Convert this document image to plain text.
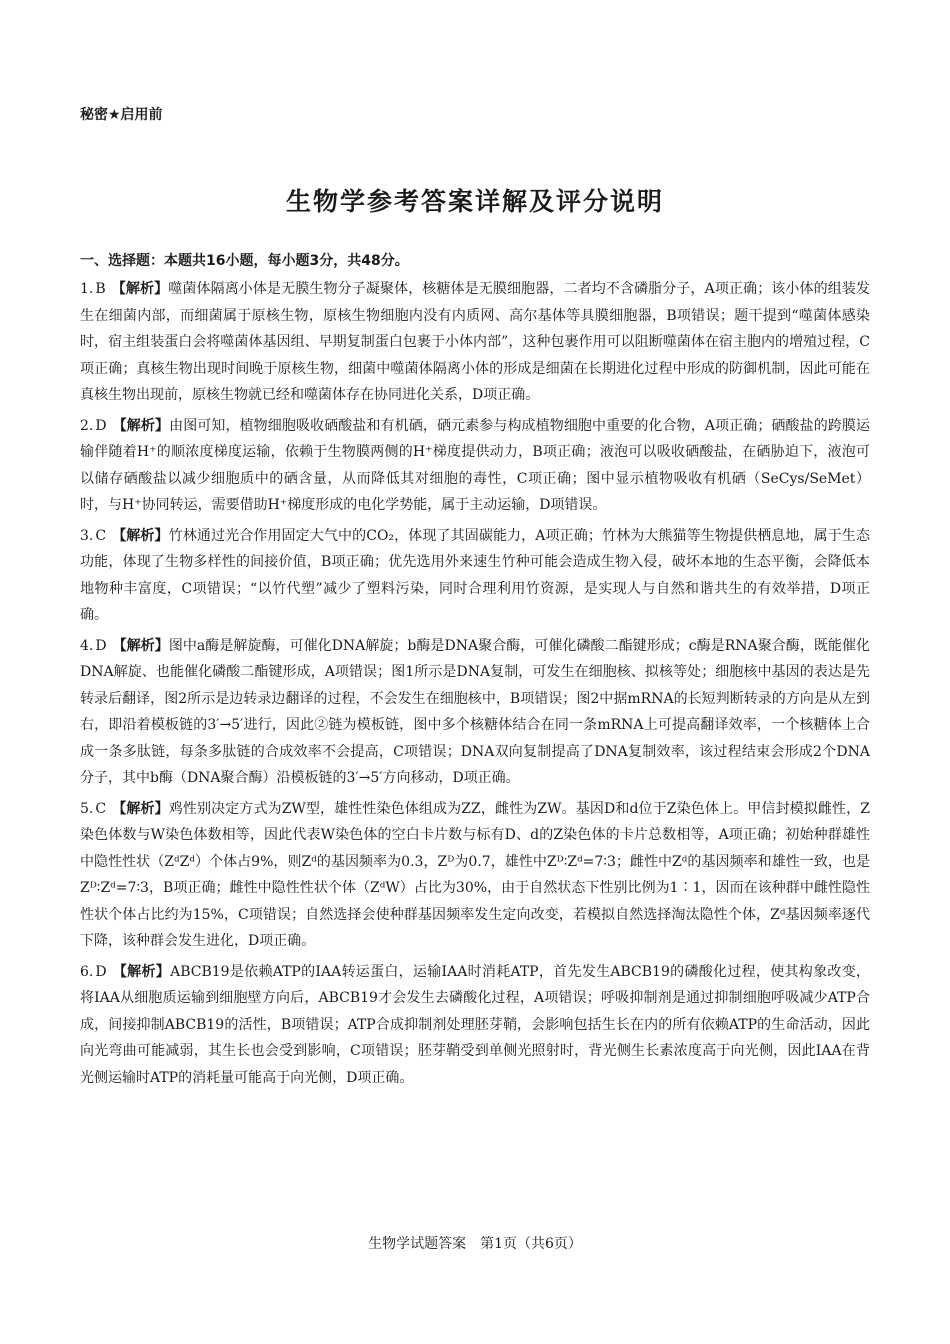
秘密★启用前
生物学参考答案详解及评分说明
一、选择题：本题共16小题，每小题3分，共48分。
1. B 【解析】噬菌体隔离小体是无膜生物分子凝聚体，核糖体是无膜细胞器，二者均不含磷脂分子，A项正确；该小体的组装发生在细菌内部，而细菌属于原核生物，原核生物细胞内没有内质网、高尔基体等具膜细胞器，B项错误；题干提到“噬菌体感染时，宿主组装蛋白会将噬菌体基因组、早期复制蛋白包裹于小体内部”，这种包裹作用可以阻断噬菌体在宿主胞内的增殖过程，C项正确；真核生物出现时间晚于原核生物，细菌中噬菌体隔离小体的形成是细菌在长期进化过程中形成的防御机制，因此可能在真核生物出现前，原核生物就已经和噬菌体存在协同进化关系，D项正确。
2. D 【解析】由图可知，植物细胞吸收硒酸盐和有机硒，硒元素参与构成植物细胞中重要的化合物，A项正确；硒酸盐的跨膜运输伴随着H⁺的顺浓度梯度运输，依赖于生物膜两侧的H⁺梯度提供动力，B项正确；液泡可以吸收硒酸盐，在硒胁迫下，液泡可以储存硒酸盐以减少细胞质中的硒含量，从而降低其对细胞的毒性，C项正确；图中显示植物吸收有机硒（SeCys/SeMet）时，与H⁺协同转运，需要借助H⁺梯度形成的电化学势能，属于主动运输，D项错误。
3. C 【解析】竹林通过光合作用固定大气中的CO₂，体现了其固碳能力，A项正确；竹林为大熊猫等生物提供栖息地，属于生态功能，体现了生物多样性的间接价值，B项正确；优先选用外来速生竹种可能会造成生物入侵，破坏本地的生态平衡，会降低本地物种丰富度，C项错误；“以竹代塑”减少了塑料污染，同时合理利用竹资源，是实现人与自然和谐共生的有效举措，D项正确。
4. D 【解析】图中a酶是解旋酶，可催化DNA解旋；b酶是DNA聚合酶，可催化磷酸二酯键形成；c酶是RNA聚合酶，既能催化DNA解旋、也能催化磷酸二酯键形成，A项错误；图1所示是DNA复制，可发生在细胞核、拟核等处；细胞核中基因的表达是先转录后翻译，图2所示是边转录边翻译的过程，不会发生在细胞核中，B项错误；图2中据mRNA的长短判断转录的方向是从左到右，即沿着模板链的3′→5′进行，因此②链为模板链，图中多个核糖体结合在同一条mRNA上可提高翻译效率，一个核糖体上合成一条多肽链，每条多肽链的合成效率不会提高，C项错误；DNA双向复制提高了DNA复制效率，该过程结束会形成2个DNA分子，其中b酶（DNA聚合酶）沿模板链的3′→5′方向移动，D项正确。
5. C 【解析】鸡性别决定方式为ZW型，雄性性染色体组成为ZZ，雌性为ZW。基因D和d位于Z染色体上。甲信封模拟雌性，Z染色体数与W染色体数相等，因此代表W染色体的空白卡片数与标有D、d的Z染色体的卡片总数相等，A项正确；初始种群雄性中隐性性状（ZᵈZᵈ）个体占9%，则Zᵈ的基因频率为0.3，Zᴰ为0.7，雄性中Zᴰ∶Zᵈ=7∶3；雌性中Zᵈ的基因频率和雄性一致，也是Zᴰ∶Zᵈ=7∶3，B项正确；雌性中隐性性状个体（ZᵈW）占比为30%，由于自然状态下性别比例为1∶1，因而在该种群中雌性隐性性状个体占比约为15%，C项错误；自然选择会使种群基因频率发生定向改变，若模拟自然选择淘汰隐性个体，Zᵈ基因频率逐代下降，该种群会发生进化，D项正确。
6. D 【解析】ABCB19是依赖ATP的IAA转运蛋白，运输IAA时消耗ATP，首先发生ABCB19的磷酸化过程，使其构象改变，将IAA从细胞质运输到细胞壁方向后，ABCB19才会发生去磷酸化过程，A项错误；呼吸抑制剂是通过抑制细胞呼吸减少ATP合成，间接抑制ABCB19的活性，B项错误；ATP合成抑制剂处理胚芽鞘，会影响包括生长在内的所有依赖ATP的生命活动，因此向光弯曲可能减弱，其生长也会受到影响，C项错误；胚芽鞘受到单侧光照射时，背光侧生长素浓度高于向光侧，因此IAA在背光侧运输时ATP的消耗量可能高于向光侧，D项正确。
生物学试题答案　第1页（共6页）
